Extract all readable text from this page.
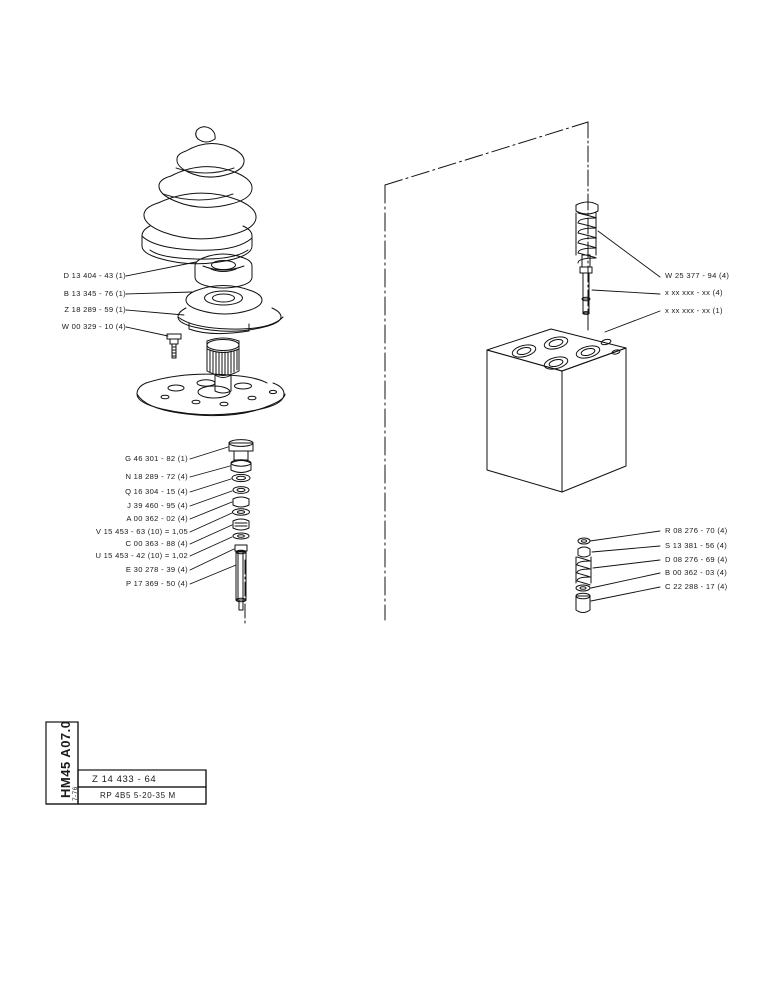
D 13 404 - 43 (1)
B 13 345 - 76 (1)
Z 18 289 - 59 (1)
W 00 329 - 10 (4)
G 46 301 - 82 (1)
N 18 289 - 72 (4)
Q 16 304 - 15 (4)
J 39 460 - 95 (4)
A 00 362 - 02 (4)
V 15 453 - 63 (10) = 1,05
C 00 363 - 88 (4)
U 15 453 - 42 (10) = 1,02
E 30 278 - 39 (4)
P 17 369 - 50 (4)
W 25 377 - 94 (4)
x xx xxx - xx (4)
x xx xxx - xx (1)
R 08 276 - 70 (4)
S 13 381 - 56 (4)
D 08 276 - 69 (4)
B 00 362 - 03 (4)
C 22 288 - 17 (4)
HM45 A07.0 Z 14 433 - 64
RP 4B5 5-20-35 M
7-76
